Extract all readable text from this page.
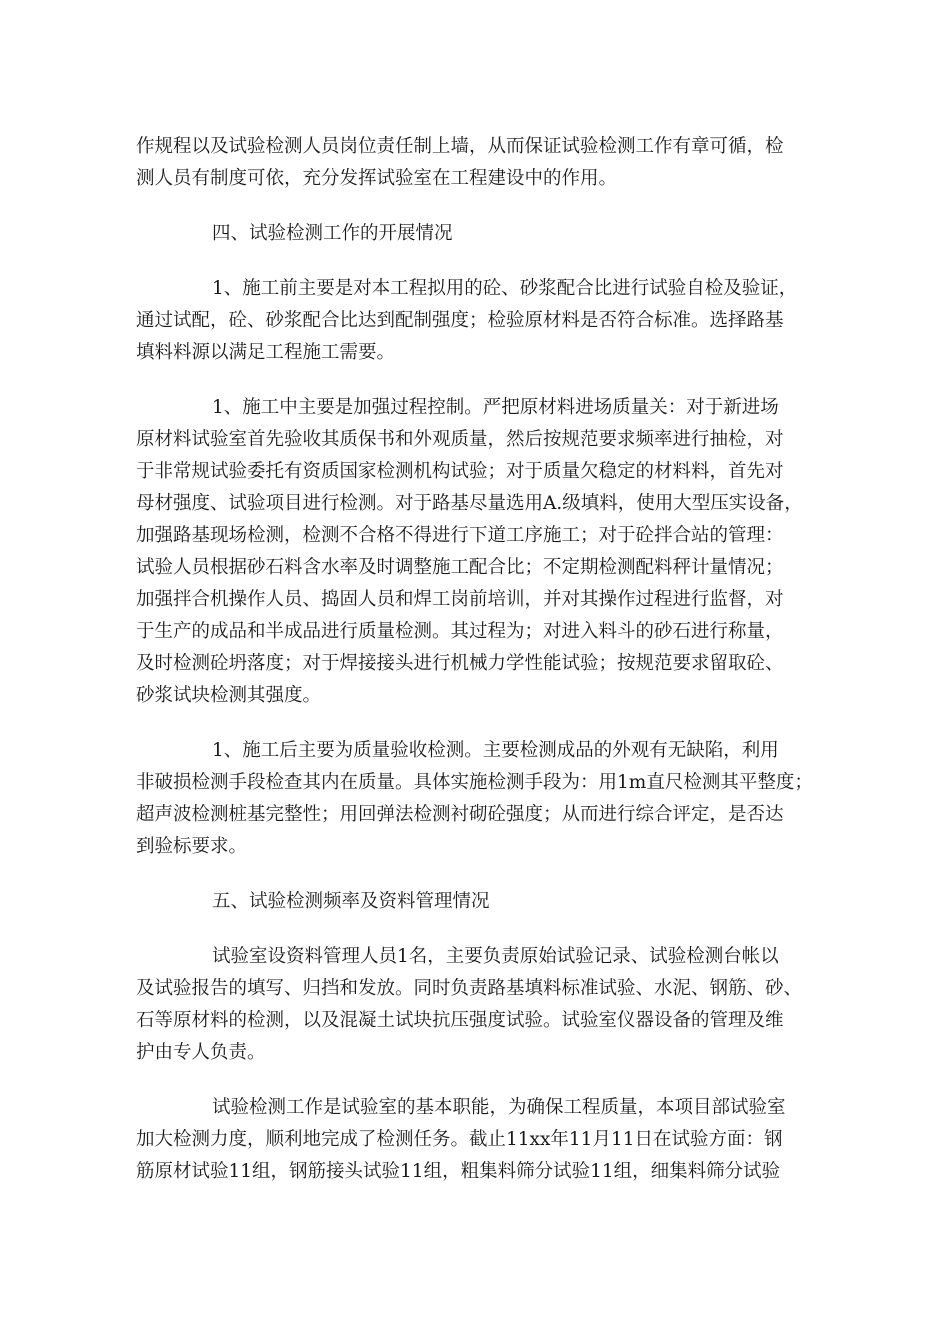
作规程以及试验检测人员岗位责任制上墙，从而保证试验检测工作有章可循，检
测人员有制度可依，充分发挥试验室在工程建设中的作用。
四、试验检测工作的开展情况
1、施工前主要是对本工程拟用的砼、砂浆配合比进行试验自检及验证，
通过试配，砼、砂浆配合比达到配制强度；检验原材料是否符合标准。选择路基
填料料源以满足工程施工需要。
1、施工中主要是加强过程控制。严把原材料进场质量关：对于新进场
原材料试验室首先验收其质保书和外观质量，然后按规范要求频率进行抽检，对
于非常规试验委托有资质国家检测机构试验；对于质量欠稳定的材料料，首先对
母材强度、试验项目进行检测。对于路基尽量选用A.级填料，使用大型压实设备，
加强路基现场检测，检测不合格不得进行下道工序施工；对于砼拌合站的管理：
试验人员根据砂石料含水率及时调整施工配合比；不定期检测配料秤计量情况；
加强拌合机操作人员、捣固人员和焊工岗前培训，并对其操作过程进行监督，对
于生产的成品和半成品进行质量检测。其过程为；对进入料斗的砂石进行称量，
及时检测砼坍落度；对于焊接接头进行机械力学性能试验；按规范要求留取砼、
砂浆试块检测其强度。
1、施工后主要为质量验收检测。主要检测成品的外观有无缺陷，利用
非破损检测手段检查其内在质量。具体实施检测手段为：用1m直尺检测其平整度；
超声波检测桩基完整性；用回弹法检测衬砌砼强度；从而进行综合评定，是否达
到验标要求。
五、试验检测频率及资料管理情况
试验室设资料管理人员1名，主要负责原始试验记录、试验检测台帐以
及试验报告的填写、归挡和发放。同时负责路基填料标准试验、水泥、钢筋、砂、
石等原材料的检测，以及混凝土试块抗压强度试验。试验室仪器设备的管理及维
护由专人负责。
试验检测工作是试验室的基本职能，为确保工程质量，本项目部试验室
加大检测力度，顺利地完成了检测任务。截止11xx年11月11日在试验方面：钢
筋原材试验11组，钢筋接头试验11组，粗集料筛分试验11组，细集料筛分试验
